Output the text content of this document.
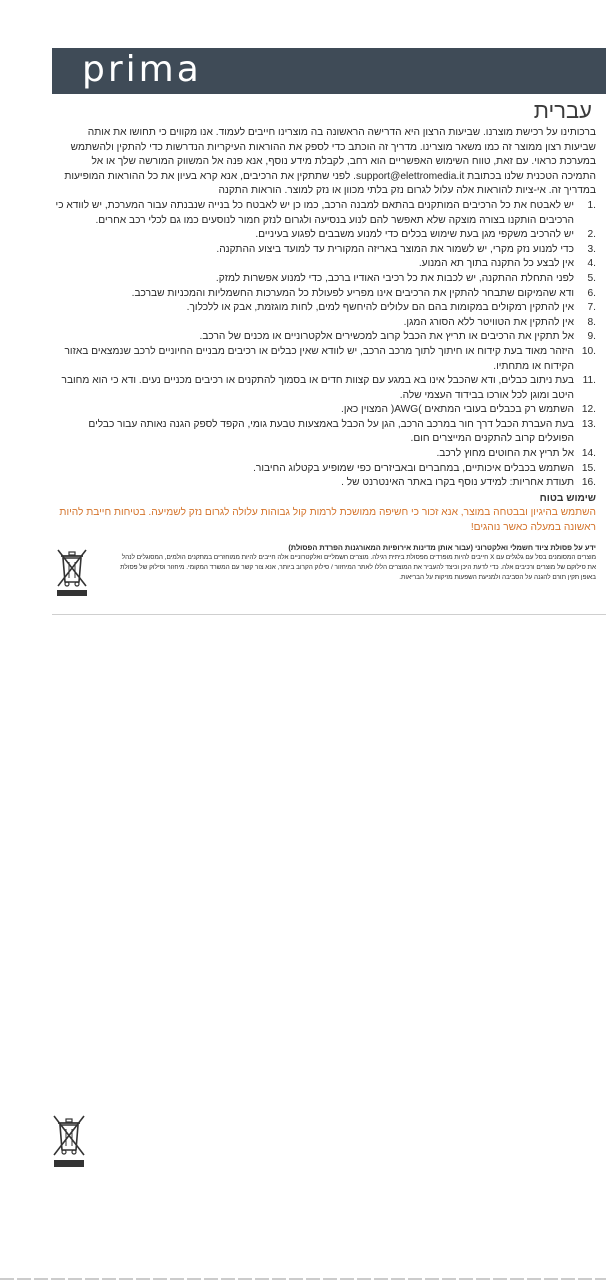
prima
עברית

ברכותינו על רכישת מוצרנו. שביעות הרצון היא הדרישה הראשונה בה מוצרינו חייבים לעמוד. אנו מקווים כי תחושו את אותה שביעות רצון ממוצר זה כמו משאר מוצרינו. מדריך זה הוכתב כדי לספק את ההוראות העיקריות הנדרשות כדי להתקין ולהשתמש במערכת כראוי. עם זאת, טווח השימוש האפשריים הוא רחב, לקבלת מידע נוסף, אנא פנה אל המשווק המורשה שלך או אל התמיכה הטכנית שלנו בכתובת support@elettromedia.it. לפני שתתקין את הרכיבים, אנא קרא בעיון את כל ההוראות המופיעות במדריך זה. אי-ציות להוראות אלה עלול לגרום נזק בלתי מכוון או נזק למוצר. הוראות התקנה

1.
יש לאבטח את כל הרכיבים המותקנים בהתאם למבנה הרכב, כמו כן יש לאבטח כל בנייה שנבנתה עבור המערכת, יש לוודא כי הרכיבים הותקנו בצורה מוצקה שלא תאפשר להם לנוע בנסיעה ולגרום לנזק חמור לנוסעים כמו גם לכלי רכב אחרים.
2.
יש להרכיב משקפי מגן בעת שימוש בכלים כדי למנוע משבבים לפגוע בעיניים.
3.
כדי למנוע נזק מקרי, יש לשמור את המוצר באריזה המקורית עד למועד ביצוע ההתקנה.
4.
אין לבצע כל התקנה בתוך תא המנוע.
5.
לפני התחלת ההתקנה, יש לכבות את כל רכיבי האודיו ברכב, כדי למנוע אפשרות למזק.
6.
ודא שהמיקום שתבחר להתקין את הרכיבים אינו מפריע לפעולת כל המערכות החשמליות והמכניות שברכב.
7.
אין להתקין רמקולים במקומות בהם הם עלולים להיחשף למים, לחות מוגזמת, אבק או ללכלוך.
8.
אין להתקין את הטוויטר ללא הסורג המגן.
9.
אל תתקין את הרכיבים או תריץ את הכבל קרוב למכשירים אלקטרוניים או מכנים של הרכב.
10.
היזהר מאוד בעת קידוח או חיתוך לתוך מרכב הרכב, יש לוודא שאין כבלים או רכיבים מבניים החיוניים לרכב שנמצאים באזור הקידוח או מתחתיו.
11.
בעת ניתוב כבלים, ודא שהכבל אינו בא במגע עם קצוות חדים או בסמוך להתקנים או רכיבים מכניים נעים. ודא כי הוא מחובר היטב ומוגן לכל אורכו בבידוד העצמי שלה.
12.
השתמש רק בכבלים בעובי המתאים )AWG( המצוין כאן.
13.
בעת העברת הכבל דרך חור במרכב הרכב, הגן על הכבל באמצעות טבעת גומי, הקפד לספק הגנה נאותה עבור כבלים הפועלים קרוב להתקנים המייצרים חום.
14.
אל תריץ את החוטים מחוץ לרכב.
15.
השתמש בכבלים איכותיים, במחברים ובאביזרים כפי שמופיע בקטלוג החיבור.
16.
תעודת אחריות: למידע נוסף בקרו באתר האינטרנט של .
שימוש בטוח

השתמש בהיגיון ובבטחה במוצר, אנא זכור כי חשיפה ממושכת לרמות קול גבוהות עלולה לגרום נזק לשמיעה. בטיחות חייבת להיות ראשונה במעלה כאשר נוהגים!

ידע על פסולת ציוד חשמלי ואלקטרוני (עבור אותן מדינות אירופיות המאורגנות הפרדת הפסולת)
מוצרים המסומנים בסל עם גלגלים עם X חייבים להיות מופרדים מפסולת ביתית רגילה. מוצרים חשמליים ואלקטרוניים אלה חייבים להיות ממוחזרים במתקנים הולמים, המסוגלים לנהל את סילוקם של מוצרים ורכיבים אלה. כדי לדעת היכן וכיצד להעביר את המוצרים הללו לאתר המיחזור / סילוק הקרוב ביותר, אנא צור קשר עם המשרד המקומי. מיחזור וסילוק של פסולת באופן תקין תורם להגנה על הסביבה ולמניעת השפעות מזיקות על הבריאות.
